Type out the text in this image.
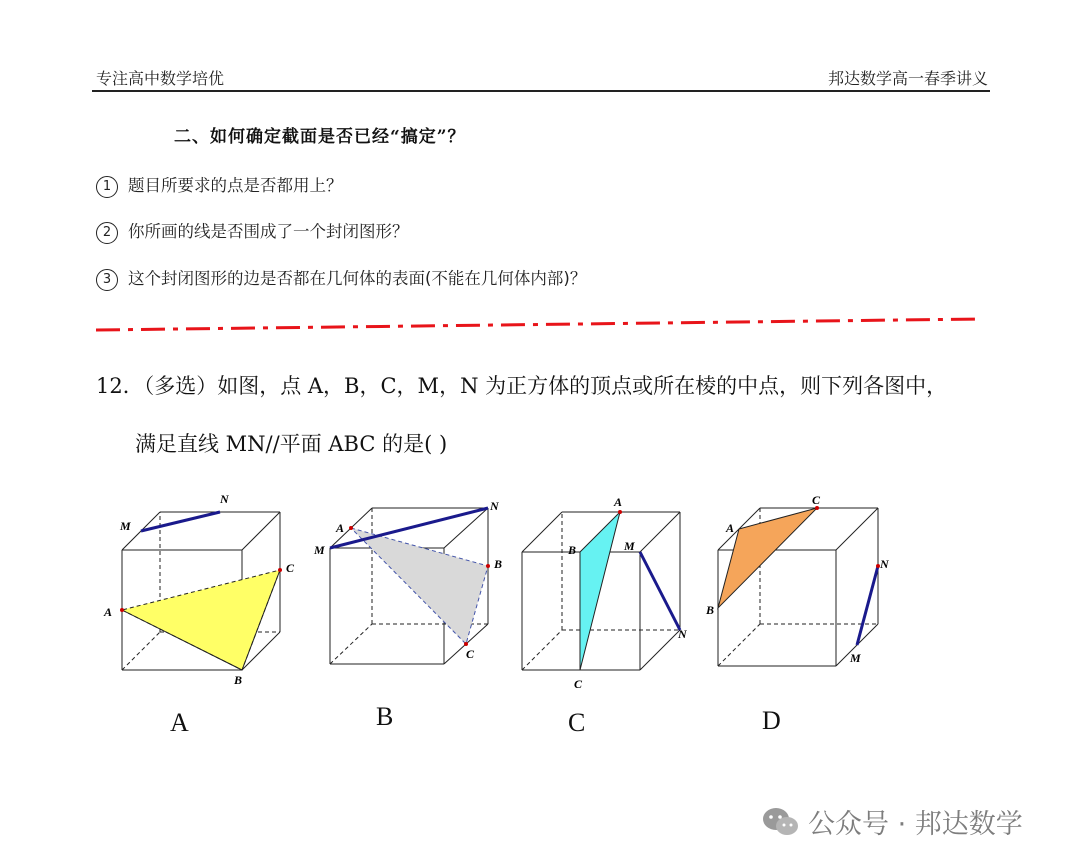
专注高中数学培优	邦达数学高一春季讲义
二、如何确定截面是否已经“搞定”？
1 题目所要求的点是否都用上？
2 你所画的线是否围成了一个封闭图形？
3 这个封闭图形的边是否都在几何体的表面(不能在几何体内部)？
12．（多选）如图，点 A，B，C，M，N 为正方体的顶点或所在棱的中点，则下列各图中，
满足直线 MN//平面 ABC 的是( )
M
N
A
B
C
A
M
N
B
C
A
B	M
N
C
C
A
B
N
M
A	B	C	D
公众号 · 邦达数学
